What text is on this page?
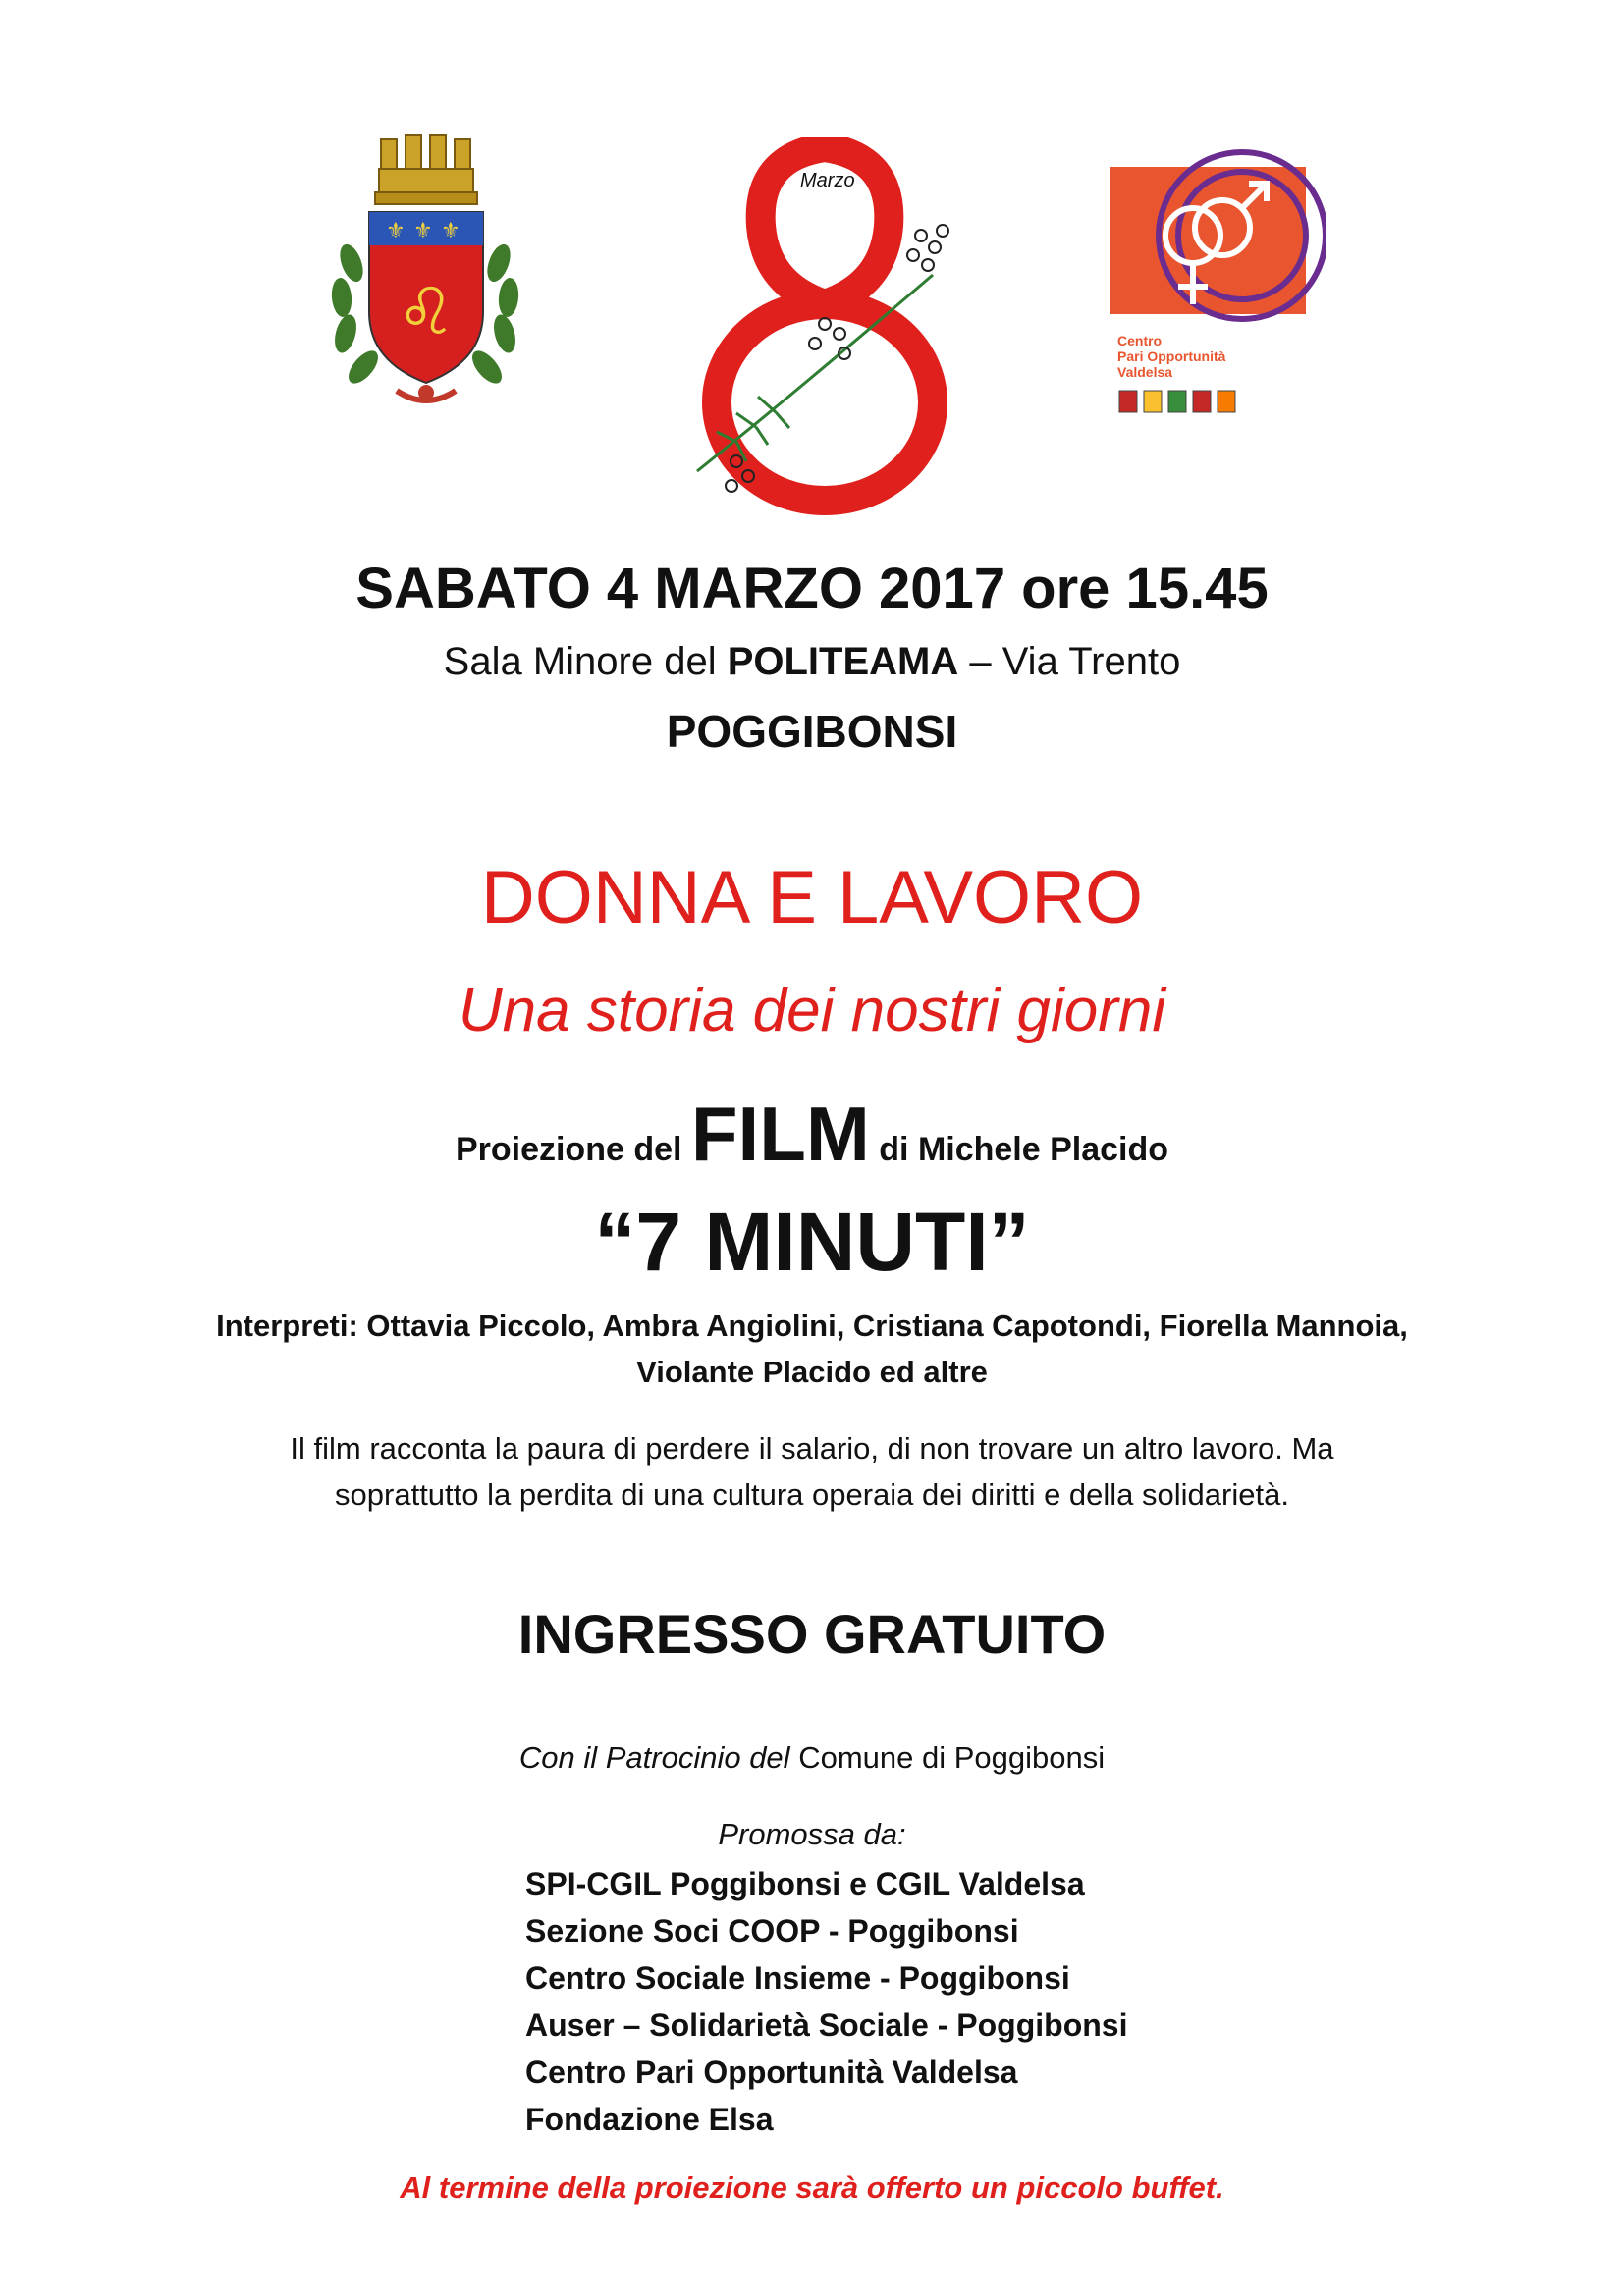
⚜ ⚜ ⚜
♌
Marzo
Centro
Pari Opportunità
Valdelsa
SABATO 4 MARZO 2017 ore 15.45
Sala Minore del POLITEAMA – Via Trento
POGGIBONSI
DONNA E LAVORO
Una storia dei nostri giorni
Proiezione del FILM di Michele Placido
“7 MINUTI”
Interpreti: Ottavia Piccolo, Ambra Angiolini, Cristiana Capotondi, Fiorella Mannoia,
Violante Placido ed altre
Il film racconta la paura di perdere il salario, di non trovare un altro lavoro. Ma
soprattutto la perdita di una cultura operaia dei diritti e della solidarietà.
INGRESSO GRATUITO
Con il Patrocinio del Comune di Poggibonsi
Promossa da:
SPI-CGIL Poggibonsi e CGIL Valdelsa
Sezione Soci COOP - Poggibonsi
Centro Sociale Insieme - Poggibonsi
Auser – Solidarietà Sociale - Poggibonsi
Centro Pari Opportunità Valdelsa
Fondazione Elsa
Al termine della proiezione sarà offerto un piccolo buffet.
